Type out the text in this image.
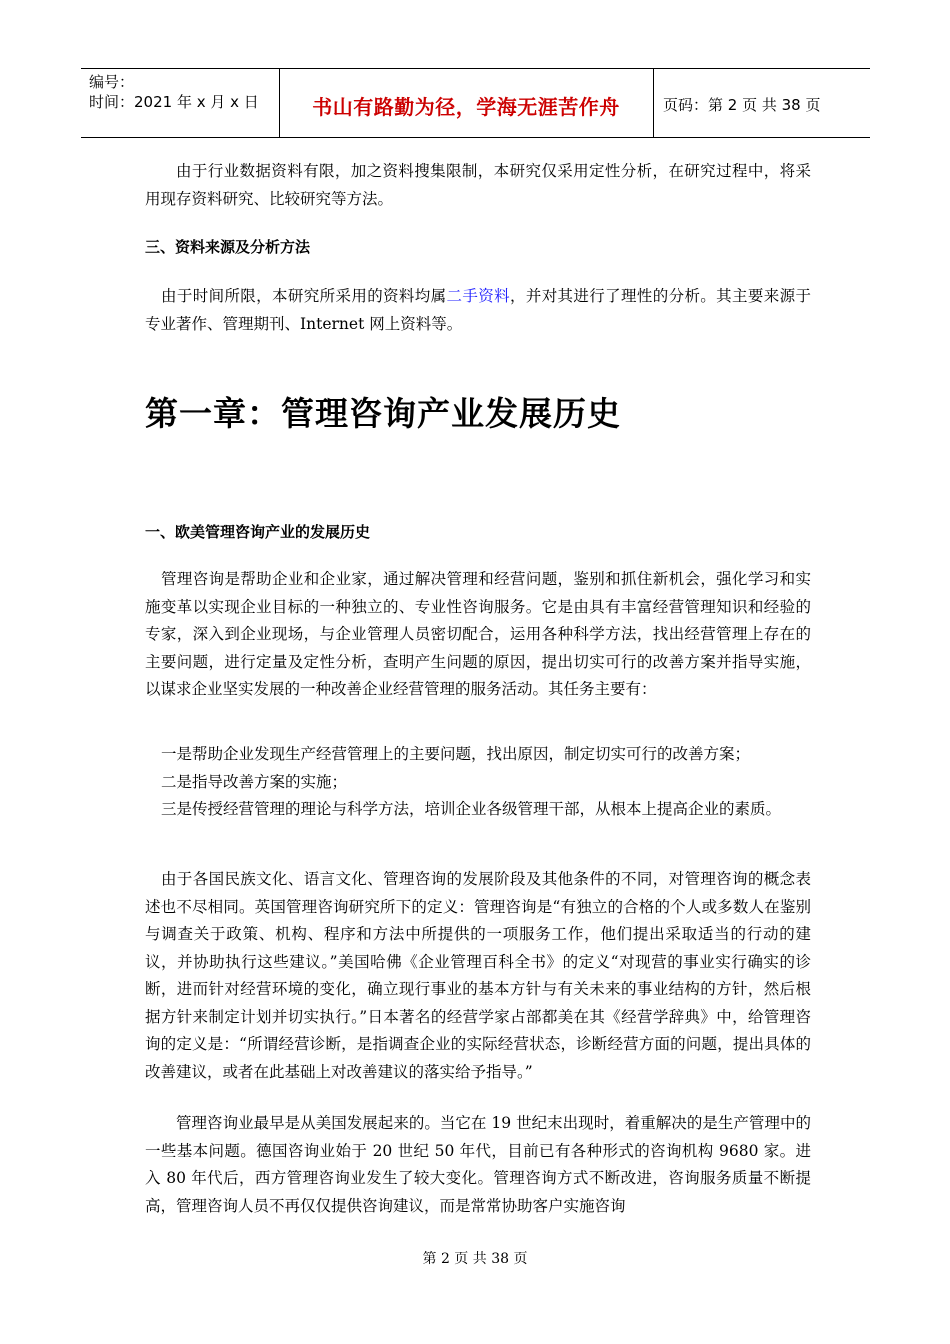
编号：
时间：2021 年 x 月 x 日	书山有路勤为径，学海无涯苦作舟	页码：第 2 页 共 38 页

由于行业数据资料有限，加之资料搜集限制，本研究仅采用定性分析，在研究过程中，将采用现存资料研究、比较研究等方法。

三、资料来源及分析方法

由于时间所限，本研究所采用的资料均属二手资料，并对其进行了理性的分析。其主要来源于专业著作、管理期刊、Internet 网上资料等。

第一章：管理咨询产业发展历史

一、欧美管理咨询产业的发展历史

管理咨询是帮助企业和企业家，通过解决管理和经营问题，鉴别和抓住新机会，强化学习和实施变革以实现企业目标的一种独立的、专业性咨询服务。它是由具有丰富经营管理知识和经验的专家，深入到企业现场，与企业管理人员密切配合，运用各种科学方法，找出经营管理上存在的主要问题，进行定量及定性分析，查明产生问题的原因，提出切实可行的改善方案并指导实施，以谋求企业坚实发展的一种改善企业经营管理的服务活动。其任务主要有：

一是帮助企业发现生产经营管理上的主要问题，找出原因，制定切实可行的改善方案；

二是指导改善方案的实施；

三是传授经营管理的理论与科学方法，培训企业各级管理干部，从根本上提高企业的素质。

由于各国民族文化、语言文化、管理咨询的发展阶段及其他条件的不同，对管理咨询的概念表述也不尽相同。英国管理咨询研究所下的定义：管理咨询是“有独立的合格的个人或多数人在鉴别与调查关于政策、机构、程序和方法中所提供的一项服务工作，他们提出采取适当的行动的建议，并协助执行这些建议。”美国哈佛《企业管理百科全书》的定义“对现营的事业实行确实的诊断，进而针对经营环境的变化，确立现行事业的基本方针与有关未来的事业结构的方针，然后根据方针来制定计划并切实执行。”日本著名的经营学家占部都美在其《经营学辞典》中，给管理咨询的定义是：“所谓经营诊断，是指调查企业的实际经营状态，诊断经营方面的问题，提出具体的改善建议，或者在此基础上对改善建议的落实给予指导。”

管理咨询业最早是从美国发展起来的。当它在 19 世纪末出现时，着重解决的是生产管理中的一些基本问题。德国咨询业始于 20 世纪 50 年代，目前已有各种形式的咨询机构 9680 家。进入 80 年代后，西方管理咨询业发生了较大变化。管理咨询方式不断改进，咨询服务质量不断提高，管理咨询人员不再仅仅提供咨询建议，而是常常协助客户实施咨询

第 2 页 共 38 页
